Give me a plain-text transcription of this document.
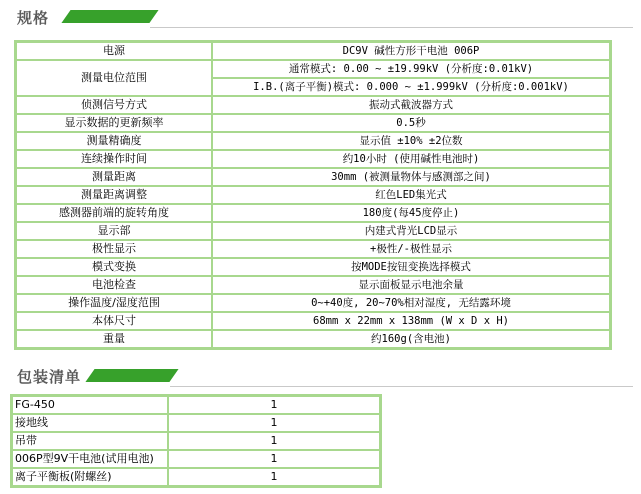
规格
电源	DC9V 碱性方形干电池 006P
测量电位范围	通常模式: 0.00 ~ ±19.99kV (分析度:0.01kV)
	I.B.(离子平衡)模式: 0.000 ~ ±1.999kV (分析度:0.001kV)
侦测信号方式	振动式截波器方式
显示数据的更新频率	0.5秒
测量精确度	显示值 ±10% ±2位数
连续操作时间	约10小时 (使用碱性电池时)
测量距离	30mm (被测量物体与感测部之间)
测量距离调整	红色LED集光式
感测器前端的旋转角度	180度(每45度停止)
显示部	内建式背光LCD显示
极性显示	+极性/-极性显示
模式变换	按MODE按钮变换选择模式
电池检查	显示面板显示电池余量
操作温度/湿度范围	0~+40度, 20~70%相对湿度, 无结露环境
本体尺寸	68mm x 22mm x 138mm (W x D x H)
重量	约160g(含电池)
包装清单
FG-450	1
接地线	1
吊带	1
006P型9V干电池(试用电池)	1
离子平衡板(附螺丝)	1
